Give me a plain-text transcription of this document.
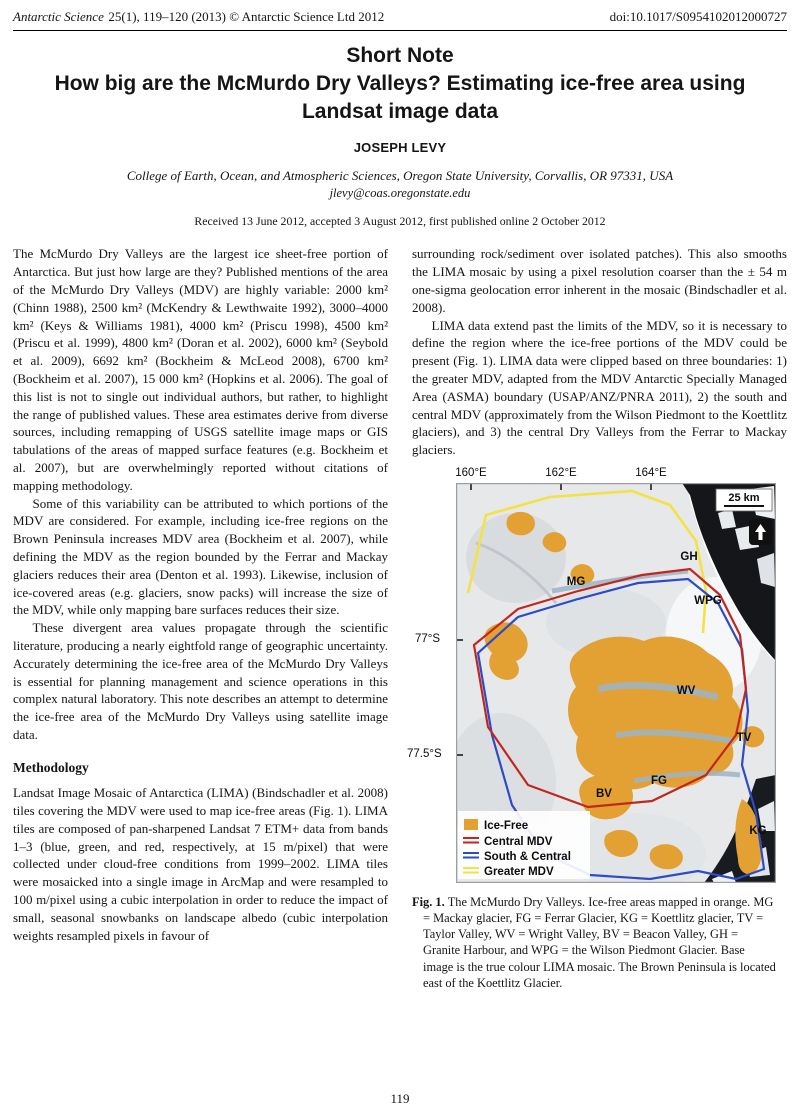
Antarctic Science 25(1), 119–120 (2013) © Antarctic Science Ltd 2012	doi:10.1017/S0954102012000727
Short Note
How big are the McMurdo Dry Valleys? Estimating ice-free area using Landsat image data
JOSEPH LEVY
College of Earth, Ocean, and Atmospheric Sciences, Oregon State University, Corvallis, OR 97331, USA
jlevy@coas.oregonstate.edu
Received 13 June 2012, accepted 3 August 2012, first published online 2 October 2012

The McMurdo Dry Valleys are the largest ice sheet-free portion of Antarctica. But just how large are they? Published mentions of the area of the McMurdo Dry Valleys (MDV) are highly variable: 2000 km² (Chinn 1988), 2500 km² (McKendry & Lewthwaite 1992), 3000–4000 km² (Keys & Williams 1981), 4000 km² (Priscu 1998), 4500 km² (Priscu et al. 1999), 4800 km² (Doran et al. 2002), 6000 km² (Seybold et al. 2009), 6692 km² (Bockheim & McLeod 2008), 6700 km² (Bockheim et al. 2007), 15 000 km² (Hopkins et al. 2006). The goal of this list is not to single out individual authors, but rather, to highlight the range of published values. These area estimates derive from diverse sources, including remapping of USGS satellite image maps or GIS tabulations of the areas of mapped surface features (e.g. Bockheim et al. 2007), but are overwhelmingly reported without citations of mapping methodology.

Some of this variability can be attributed to which portions of the MDV are considered. For example, including ice-free regions on the Brown Peninsula increases MDV area (Bockheim et al. 2007), while defining the MDV as the region bounded by the Ferrar and Mackay glaciers reduces their area (Denton et al. 1993). Likewise, inclusion of ice-covered areas (e.g. glaciers, snow packs) will increase the size of the MDV, while only mapping bare surfaces reduces their size.

These divergent area values propagate through the scientific literature, producing a nearly eightfold range of geographic uncertainty. Accurately determining the ice-free area of the McMurdo Dry Valleys is essential for planning management and science operations in this complex natural laboratory. This note describes an attempt to determine the ice-free area of the McMurdo Dry Valleys using satellite image data.

Methodology

Landsat Image Mosaic of Antarctica (LIMA) (Bindschadler et al. 2008) tiles covering the MDV were used to map ice-free areas (Fig. 1). LIMA tiles are composed of pan-sharpened Landsat 7 ETM+ data from bands 1–3 (blue, green, and red, respectively, at 15 m/pixel) that were collected under cloud-free conditions from 1999–2002. LIMA tiles were mosaicked into a single image in ArcMap and were resampled to 100 m/pixel using a cubic interpolation in order to reduce the impact of small, seasonal snowbanks on landscape albedo (cubic interpolation weights resampled pixels in favour of

surrounding rock/sediment over isolated patches). This also smooths the LIMA mosaic by using a pixel resolution coarser than the ± 54 m one-sigma geolocation error inherent in the mosaic (Bindschadler et al. 2008).

LIMA data extend past the limits of the MDV, so it is necessary to define the region where the ice-free portions of the MDV could be present (Fig. 1). LIMA data were clipped based on three boundaries: 1) the greater MDV, adapted from the MDV Antarctic Specially Managed Area (ASMA) boundary (USAP/ANZ/PNRA 2011), 2) the south and central MDV (approximately from the Wilson Piedmont to the Koettlitz glaciers), and 3) the central Dry Valleys from the Ferrar to Mackay glaciers.

160°E	162°E	164°E
77°S
77.5°S
25 km
MG
GH
WPG
WV
TV
FG
BV
KG
Ice-Free
Central MDV
South & Central
Greater MDV
Fig. 1. The McMurdo Dry Valleys. Ice-free areas mapped in orange. MG = Mackay glacier, FG = Ferrar Glacier, KG = Koettlitz glacier, TV = Taylor Valley, WV = Wright Valley, BV = Beacon Valley, GH = Granite Harbour, and WPG = the Wilson Piedmont Glacier. Base image is the true colour LIMA mosaic. The Brown Peninsula is located east of the Koettlitz Glacier.
119
